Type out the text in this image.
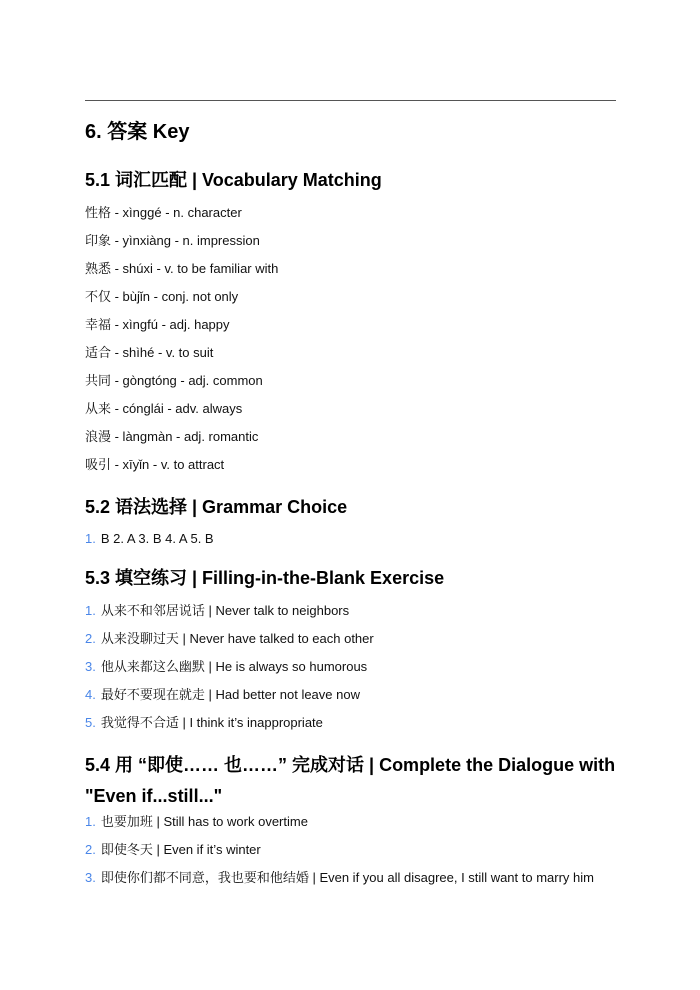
6. 答案 Key
5.1 词汇匹配 | Vocabulary Matching
性格 - xìnggé - n. character
印象 - yìnxiàng - n. impression
熟悉 - shúxi - v. to be familiar with
不仅 - bùjǐn - conj. not only
幸福 - xìngfú - adj. happy
适合 - shìhé - v. to suit
共同 - gòngtóng - adj. common
从来 - cónglái - adv. always
浪漫 - làngmàn - adj. romantic
吸引 - xīyǐn - v. to attract
5.2 语法选择 | Grammar Choice
1. B 2. A 3. B 4. A 5. B
5.3 填空练习 | Filling-in-the-Blank Exercise
1. 从来不和邻居说话 | Never talk to neighbors
2. 从来没聊过天 | Never have talked to each other
3. 他从来都这么幽默 | He is always so humorous
4. 最好不要现在就走 | Had better not leave now
5. 我觉得不合适 | I think it’s inappropriate
5.4 用 “即使…… 也……” 完成对话 | Complete the Dialogue with "Even if...still..."
1. 也要加班 | Still has to work overtime
2. 即使冬天 | Even if it’s winter
3. 即使你们都不同意，我也要和他结婚 | Even if you all disagree, I still want to marry him
